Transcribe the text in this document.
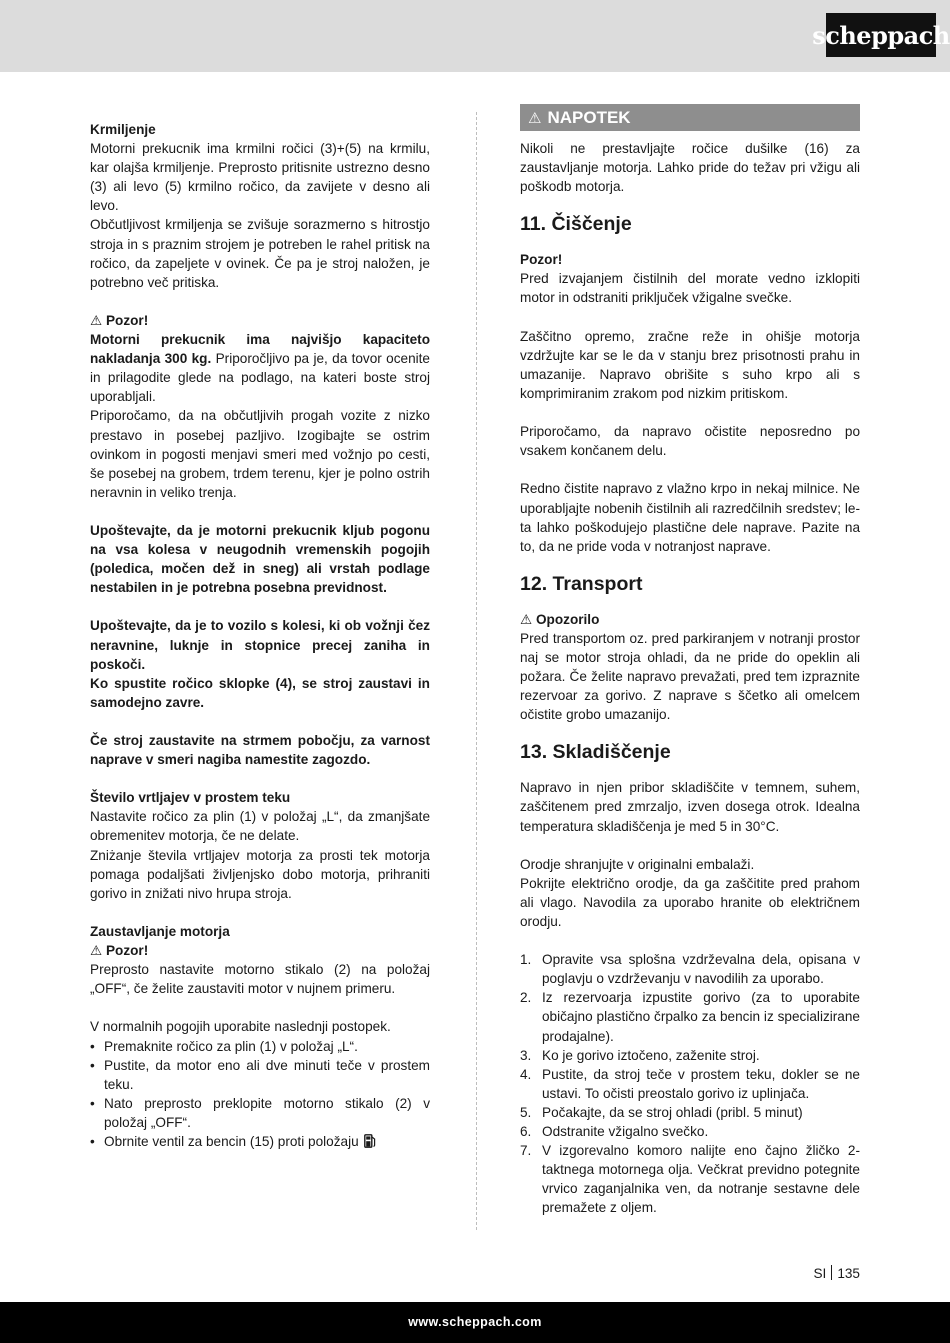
scheppach

Krmiljenje

Motorni prekucnik ima krmilni ročici (3)+(5) na krmilu, kar olajša krmiljenje. Preprosto pritisnite ustrezno desno (3) ali levo (5) krmilno ročico, da zavijete v desno ali levo.

Občutljivost krmiljenja se zvišuje sorazmerno s hitrostjo stroja in s praznim strojem je potreben le rahel pritisk na ročico, da zapeljete v ovinek. Če pa je stroj naložen, je potrebno več pritiska.

⚠ Pozor!

Motorni prekucnik ima najvišjo kapaciteto nakladanja 300 kg. Priporočljivo pa je, da tovor ocenite in prilagodite glede na podlago, na kateri boste stroj uporabljali.

Priporočamo, da na občutljivih progah vozite z nizko prestavo in posebej pazljivo. Izogibajte se ostrim ovinkom in pogosti menjavi smeri med vožnjo po cesti, še posebej na grobem, trdem terenu, kjer je polno ostrih neravnin in veliko trenja.

Upoštevajte, da je motorni prekucnik kljub pogonu na vsa kolesa v neugodnih vremenskih pogojih (poledica, močen dež in sneg) ali vrstah podlage nestabilen in je potrebna posebna previdnost.

Upoštevajte, da je to vozilo s kolesi, ki ob vožnji čez neravnine, luknje in stopnice precej zaniha in poskoči.

Ko spustite ročico sklopke (4), se stroj zaustavi in samodejno zavre.

Če stroj zaustavite na strmem pobočju, za varnost naprave v smeri nagiba namestite zagozdo.

Število vrtljajev v prostem teku

Nastavite ročico za plin (1) v položaj „L“, da zmanjšate obremenitev motorja, če ne delate.

Zniżanje števila vrtljajev motorja za prosti tek motorja pomaga podaljšati življenjsko dobo motorja, prihraniti gorivo in znižati nivo hrupa stroja.

Zaustavljanje motorja

⚠ Pozor!

Preprosto nastavite motorno stikalo (2) na položaj „OFF“, če želite zaustaviti motor v nujnem primeru.

V normalnih pogojih uporabite naslednji postopek.

• Premaknite ročico za plin (1) v položaj „L“.
• Pustite, da motor eno ali dve minuti teče v prostem teku.
• Nato preprosto preklopite motorno stikalo (2) v položaj „OFF“.
• Obrnite ventil za bencin (15) proti položaju
⚠ NAPOTEK

Nikoli ne prestavljajte ročice dušilke (16) za zaustavljanje motorja. Lahko pride do težav pri vžigu ali poškodb motorja.

11. Čiščenje

Pozor!

Pred izvajanjem čistilnih del morate vedno izklopiti motor in odstraniti priključek vžigalne svečke.

Zaščitno opremo, zračne reže in ohišje motorja vzdržujte kar se le da v stanju brez prisotnosti prahu in umazanije. Napravo obrišite s suho krpo ali s komprimiranim zrakom pod nizkim pritiskom.

Priporočamo, da napravo očistite neposredno po vsakem končanem delu.

Redno čistite napravo z vlažno krpo in nekaj milnice. Ne uporabljajte nobenih čistilnih ali razredčilnih sredstev; le-ta lahko poškodujejo plastične dele naprave. Pazite na to, da ne pride voda v notranjost naprave.

12. Transport

⚠ Opozorilo

Pred transportom oz. pred parkiranjem v notranji prostor naj se motor stroja ohladi, da ne pride do opeklin ali požara. Če želite napravo prevažati, pred tem izpraznite rezervoar za gorivo. Z naprave s ščetko ali omelcem očistite grobo umazanijo.

13. Skladiščenje

Napravo in njen pribor skladiščite v temnem, suhem, zaščitenem pred zmrzaljo, izven dosega otrok. Idealna temperatura skladiščenja je med 5 in 30°C.

Orodje shranjujte v originalni embalaži.

Pokrijte električno orodje, da ga zaščitite pred prahom ali vlago. Navodila za uporabo hranite ob električnem orodju.

1. Opravite vsa splošna vzdrževalna dela, opisana v poglavju o vzdrževanju v navodilih za uporabo.
2. Iz rezervoarja izpustite gorivo (za to uporabite običajno plastično črpalko za bencin iz specializirane prodajalne).
3. Ko je gorivo iztočeno, zaženite stroj.
4. Pustite, da stroj teče v prostem teku, dokler se ne ustavi. To očisti preostalo gorivo iz uplinjača.
5. Počakajte, da se stroj ohladi (pribl. 5 minut)
6. Odstranite vžigalno svečko.
7. V izgorevalno komoro nalijte eno čajno žličko 2-taktnega motornega olja. Večkrat previdno potegnite vrvico zaganjalnika ven, da notranje sestavne dele premažete z oljem.
SI 135
www.scheppach.com
